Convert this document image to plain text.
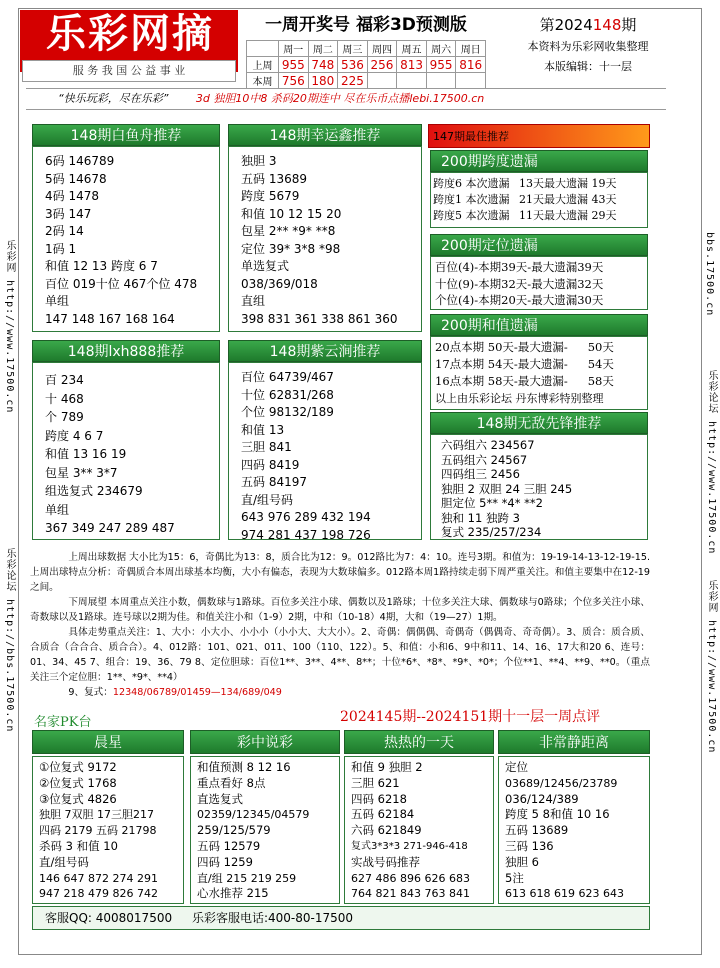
乐彩网摘
服 务 我 国 公 益 事 业
一周开奖号 福彩3D预测版
	周一	周二	周三	周四	周五	周六	周日
上周	955	748	536	256	813	955	816
本周	756	180	225				
第2024148期
本资料为乐彩网收集整理
本版编辑：十一层
“快乐玩彩，尽在乐彩”	3d 独胆10中8 杀码20期连中 尽在乐币点播lebi.17500.cn
乐彩网 http://www.17500.cn
乐彩论坛 http://bbs.17500.cn
bbs.17500.cn
乐彩论坛 http://www.17500.cn
乐彩网 http://www.17500.cn
148期白鱼舟推荐
6码 146789
5码 14678
4码 1478
3码 147
2码 14
1码 1
和值 12 13 跨度 6 7
百位 019十位 467个位 478
单组
147 148 167 168 164
148期幸运鑫推荐
独胆 3
五码 13689
跨度 5679
和值 10 12 15 20
包星 2** *9* **8
定位 39* 3*8 *98
单选复式
038/369/018
直组
398 831 361 338 861 360
148期lxh888推荐
百 234
十 468
个 789
跨度 4 6 7
和值 13 16 19
包星 3** 3*7
组选复式 234679
单组
367 349 247 289 487
148期紫云涧推荐
百位 64739/467
十位 62831/268
个位 98132/189
和值 13
三胆 841
四码 8419
五码 84197
直/组号码
643 976 289 432 194
974 281 437 198 726
147期最佳推荐
200期跨度遗漏
跨度6 本次遗漏 13天最大遗漏 19天
跨度1 本次遗漏 21天最大遗漏 43天
跨度5 本次遗漏 11天最大遗漏 29天
200期定位遗漏
百位(4)-本期39天-最大遗漏39天
十位(9)-本期32天-最大遗漏32天
个位(4)-本期20天-最大遗漏30天
200期和值遗漏
20点本期 50天-最大遗漏- 50天
17点本期 54天-最大遗漏- 54天
16点本期 58天-最大遗漏- 58天
以上由乐彩论坛 丹东博彩特别整理
148期无敌先锋推荐
六码组六 234567
五码组六 24567
四码组三 2456
独胆 2 双胆 24 三胆 245
胆定位 5** *4* **2
独和 11 独跨 3
复式 235/257/234
上周出球数据 大小比为15：6，奇偶比为13：8，质合比为12：9。012路比为7：4：10。连号3期。和值为：19-19-14-13-12-19-15. 上周出球特点分析：奇偶质合本周出球基本均衡，大小有偏态，表现为大数球偏多。012路本周1路持续走弱下周严重关注。和值主要集中在12-19之间。
下周展望 本周重点关注小数，偶数球与1路球。百位多关注小球、偶数以及1路球；十位多关注大球、偶数球与0路球；个位多关注小球、奇数球以及1路球。连号球以2期为佳。和值关注小和（1-9）2期，中和（10-18）4期，大和（19—27）1期。
具体走势重点关注：1、大小：小大小、小小小（小小大、大大小）。2、奇偶：偶偶偶、奇偶奇（偶偶奇、奇奇偶）。3、质合：质合质、合质合（合合合、质合合）。4、012路：101、021、011、100（110、122）。5、和值：小和6、9中和11、14、16、17大和20 6、连号：01、34、45 7、组合：19、36、79 8、定位胆球：百位1**、3**、4**、8**；十位*6*、*8*、*9*、*0*；个位**1、**4、**9、**0。（重点关注三个定位胆：1**、*9*、**4）
9、复式：12348/06789/01459—134/689/049
名家PK台	2024145期--2024151期十一层一周点评
晨星
①位复式 9172
②位复式 1768
③位复式 4826
独胆 7双胆 17三胆217
四码 2179 五码 21798
杀码 3 和值 10
直/组号码
146 647 872 274 291
947 218 479 826 742
彩中说彩
和值预测 8 12 16
重点看好 8点
直选复式
02359/12345/04579
259/125/579
五码 12579
四码 1259
直/组 215 219 259
心水推荐 215
热热的一天
和值 9 独胆 2
三胆 621
四码 6218
五码 62184
六码 621849
复式3*3*3 271-946-418
实战号码推荐
627 486 896 626 683
764 821 843 763 841
非常静距离
定位
03689/12456/23789
036/124/389
跨度 5 8和值 10 16
五码 13689
三码 136
独胆 6
5注
613 618 619 623 643
客服QQ: 4008017500 乐彩客服电话:400-80-17500
